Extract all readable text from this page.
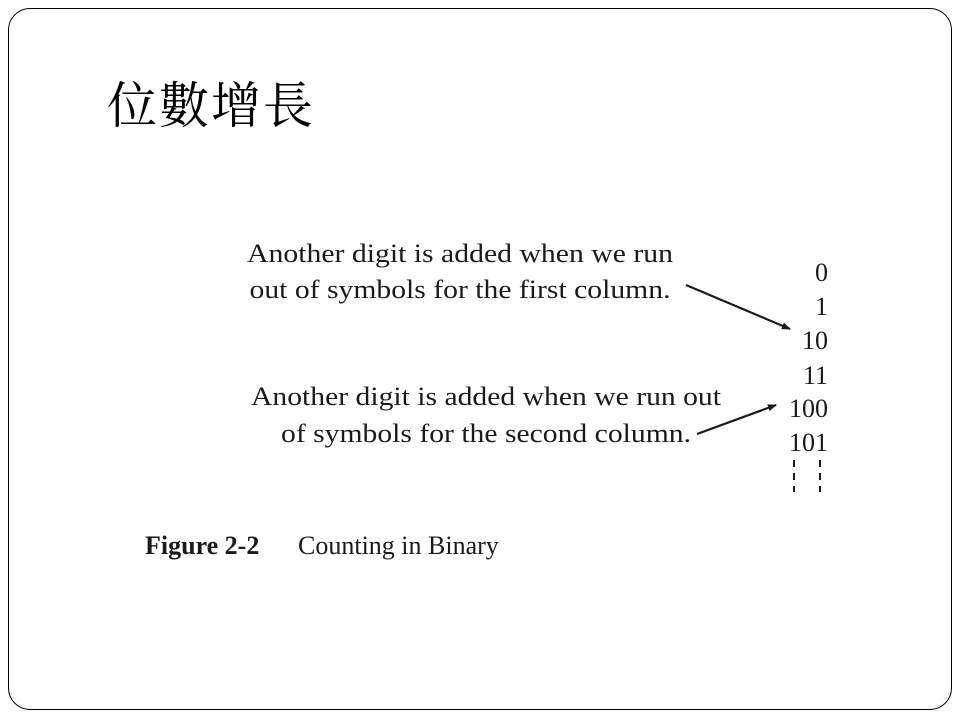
位數增長
Another digit is added when we run
out of symbols for the first column.
Another digit is added when we run out
of symbols for the second column.
0
1
10
11
100
101
Figure 2-2 Counting in Binary
